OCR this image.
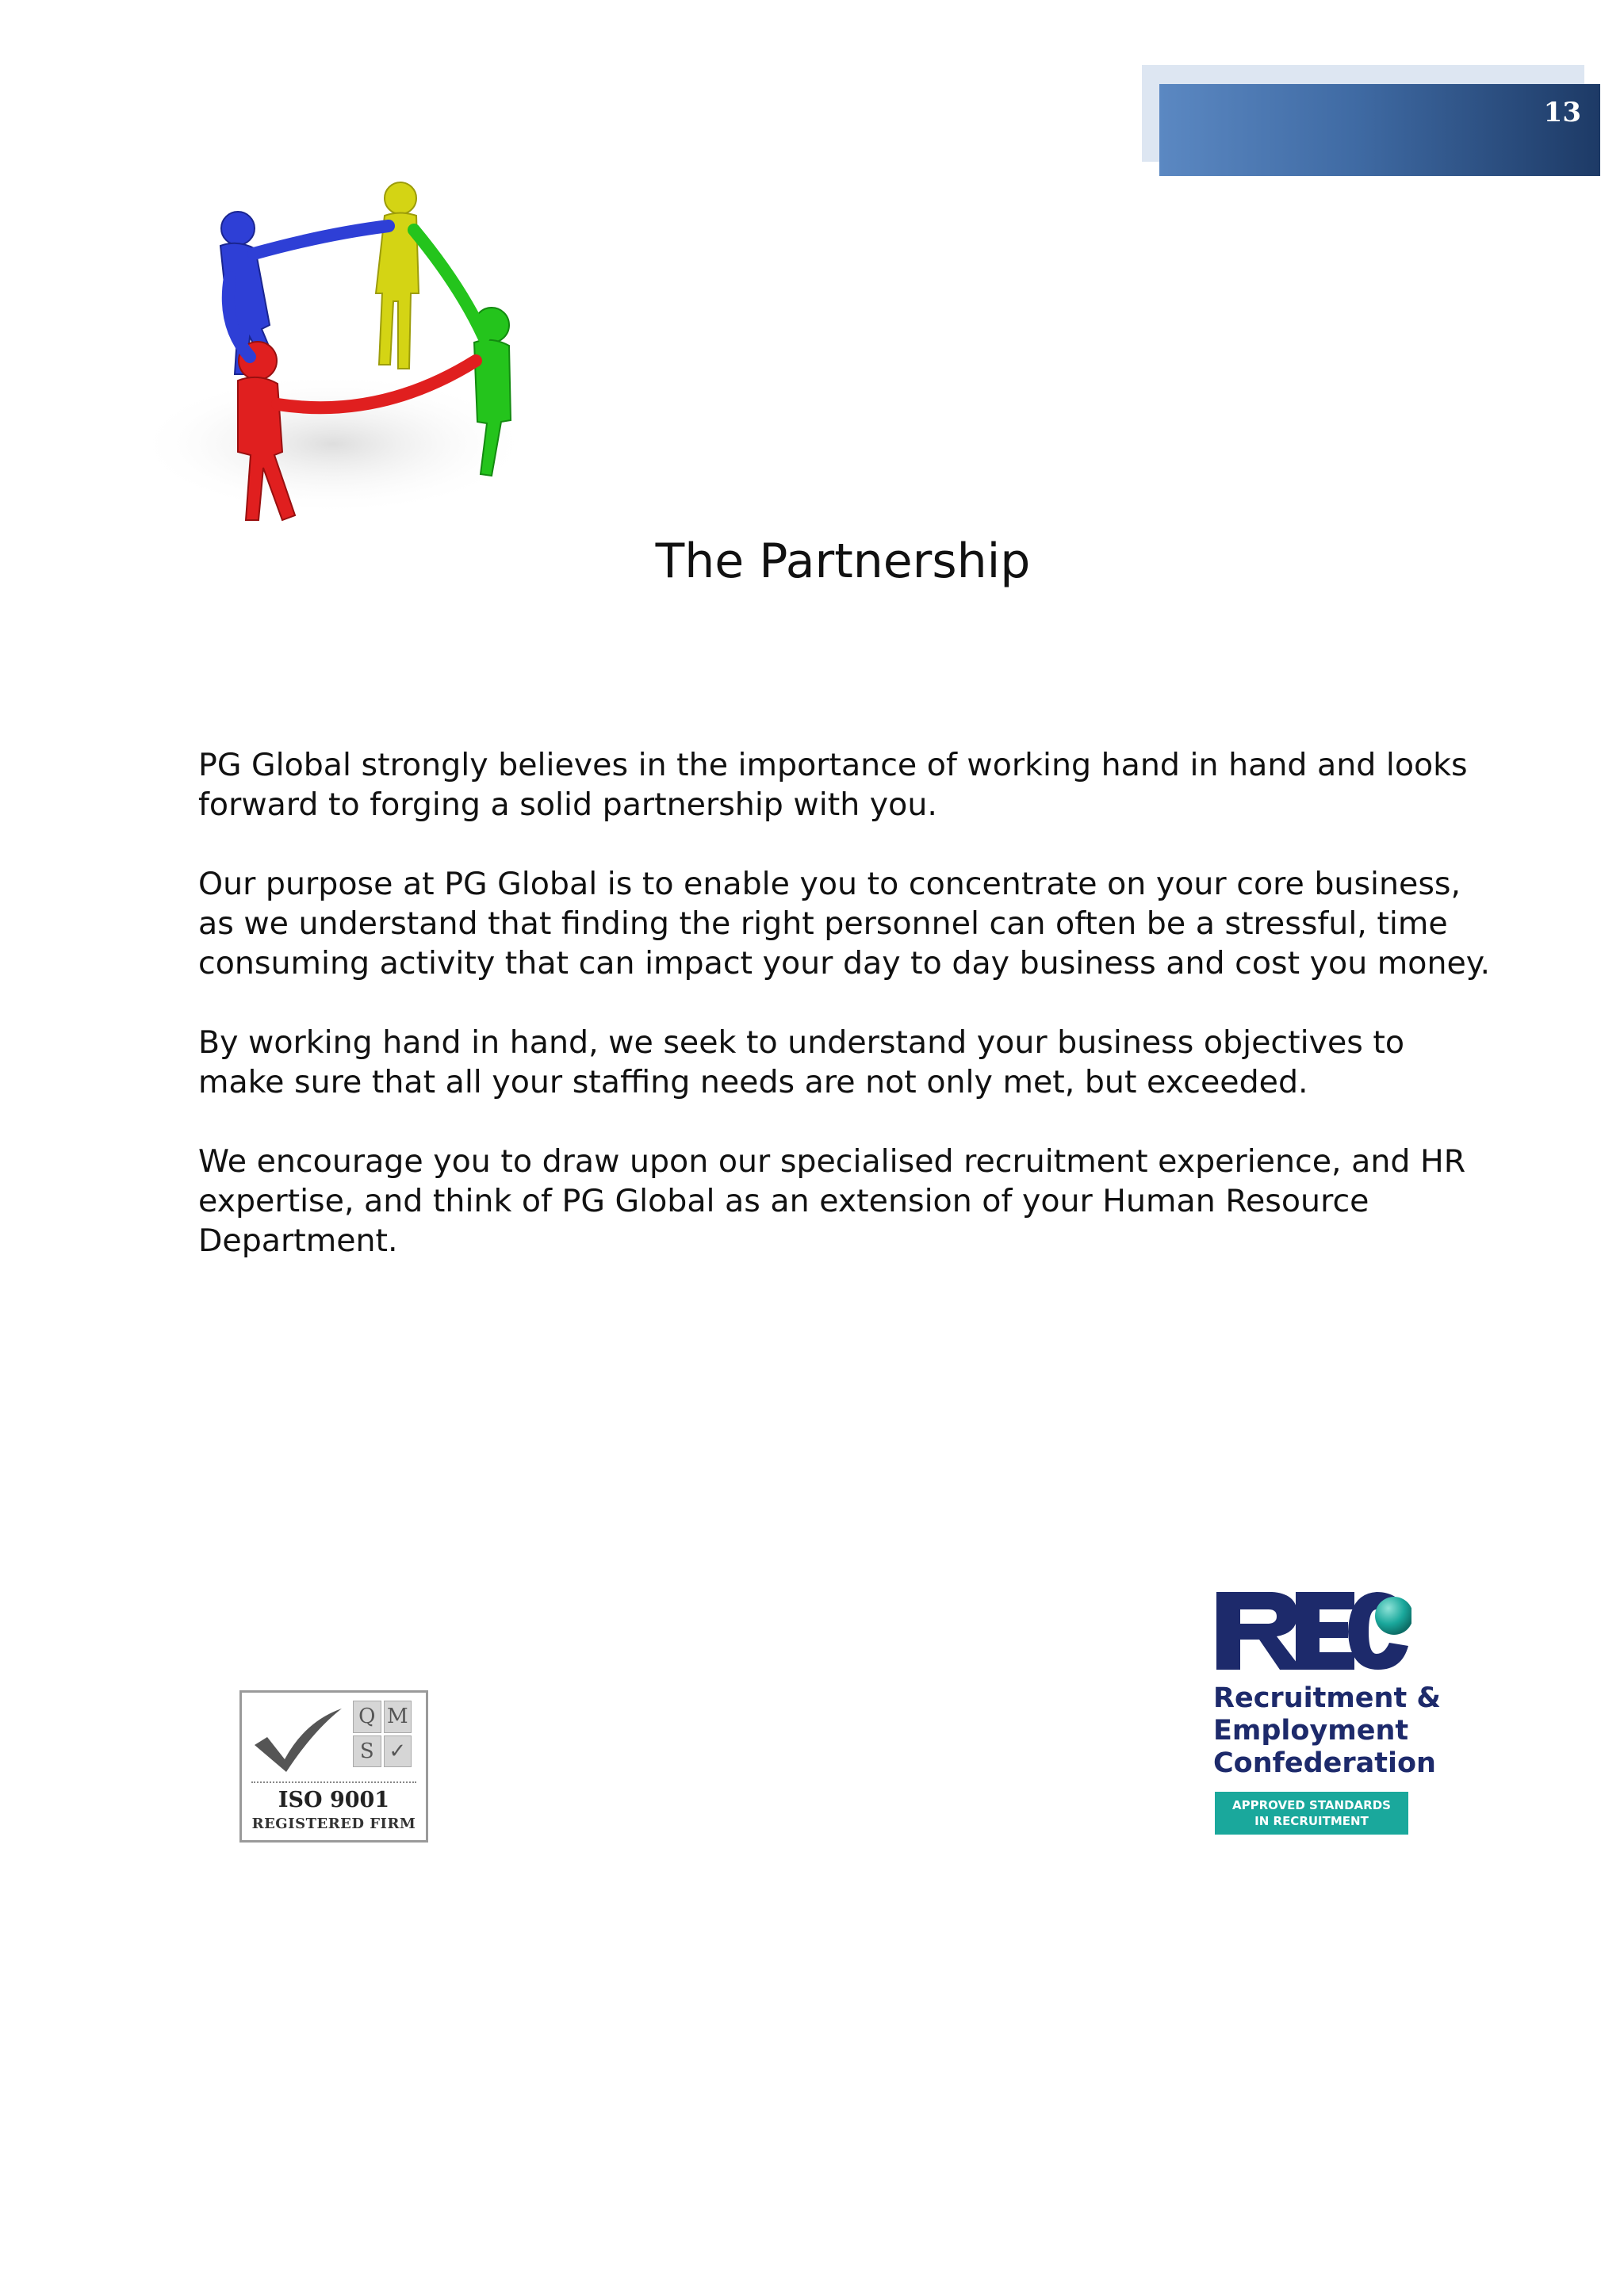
13
The Partnership

PG Global strongly believes in the importance of working hand in hand and looks forward to forging a solid partnership with you.

Our purpose at PG Global is to enable you to concentrate on your core business, as we understand that finding the right personnel can often be a stressful, time consuming activity that can impact your day to day business and cost you money.

By working hand in hand, we seek to understand your business objectives to make sure that all your staffing needs are not only met, but exceeded.

We encourage you to draw upon our specialised recruitment experience, and HR expertise, and think of PG Global as an extension of your Human Resource Department.

Q M
S ✓
ISO 9001
REGISTERED FIRM
Recruitment &
Employment
Confederation
APPROVED STANDARDS
IN RECRUITMENT
